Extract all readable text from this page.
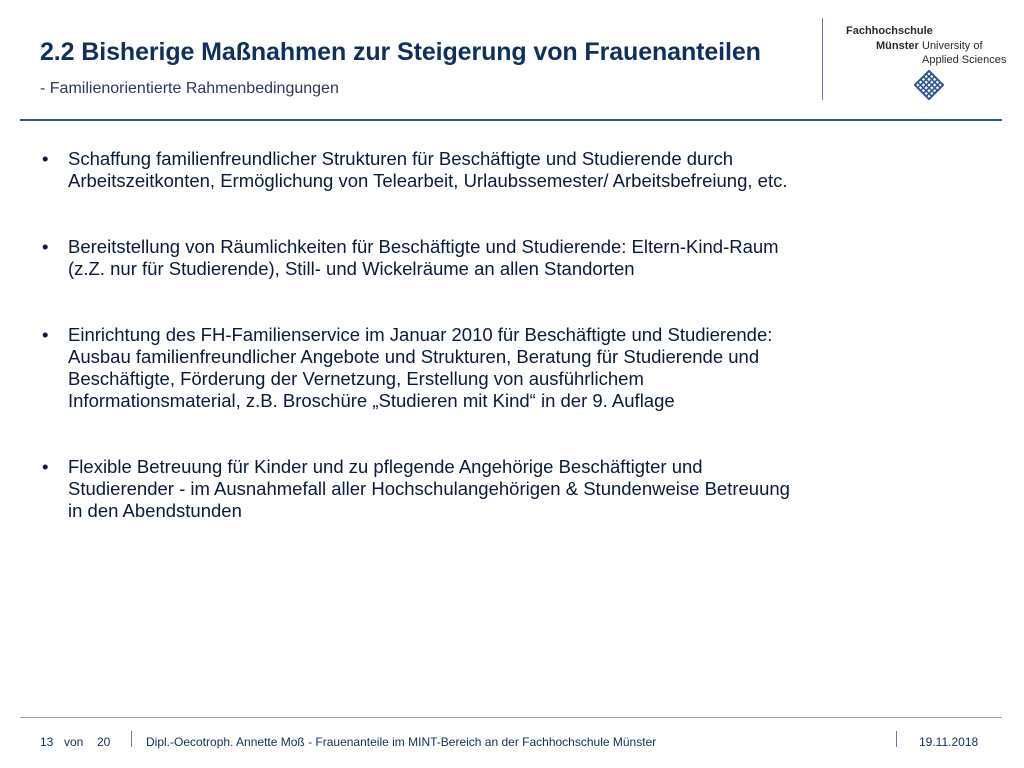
2.2 Bisherige Maßnahmen zur Steigerung von Frauenanteilen

- Familienorientierte Rahmenbedingungen

Fachhochschule
Münster University of
Applied Sciences
• Schaffung familienfreundlicher Strukturen für Beschäftigte und Studierende durch
Arbeitszeitkonten, Ermöglichung von Telearbeit, Urlaubssemester/ Arbeitsbefreiung, etc.
• Bereitstellung von Räumlichkeiten für Beschäftigte und Studierende: Eltern-Kind-Raum
(z.Z. nur für Studierende), Still- und Wickelräume an allen Standorten
• Einrichtung des FH-Familienservice im Januar 2010 für Beschäftigte und Studierende:
Ausbau familienfreundlicher Angebote und Strukturen, Beratung für Studierende und
Beschäftigte, Förderung der Vernetzung, Erstellung von ausführlichem
Informationsmaterial, z.B. Broschüre „Studieren mit Kind“ in der 9. Auflage
• Flexible Betreuung für Kinder und zu pflegende Angehörige Beschäftigter und
Studierender - im Ausnahmefall aller Hochschulangehörigen & Stundenweise Betreuung
in den Abendstunden
13 von 20	Dipl.-Oecotroph. Annette Moß - Frauenanteile im MINT-Bereich an der Fachhochschule Münster	19.11.2018
